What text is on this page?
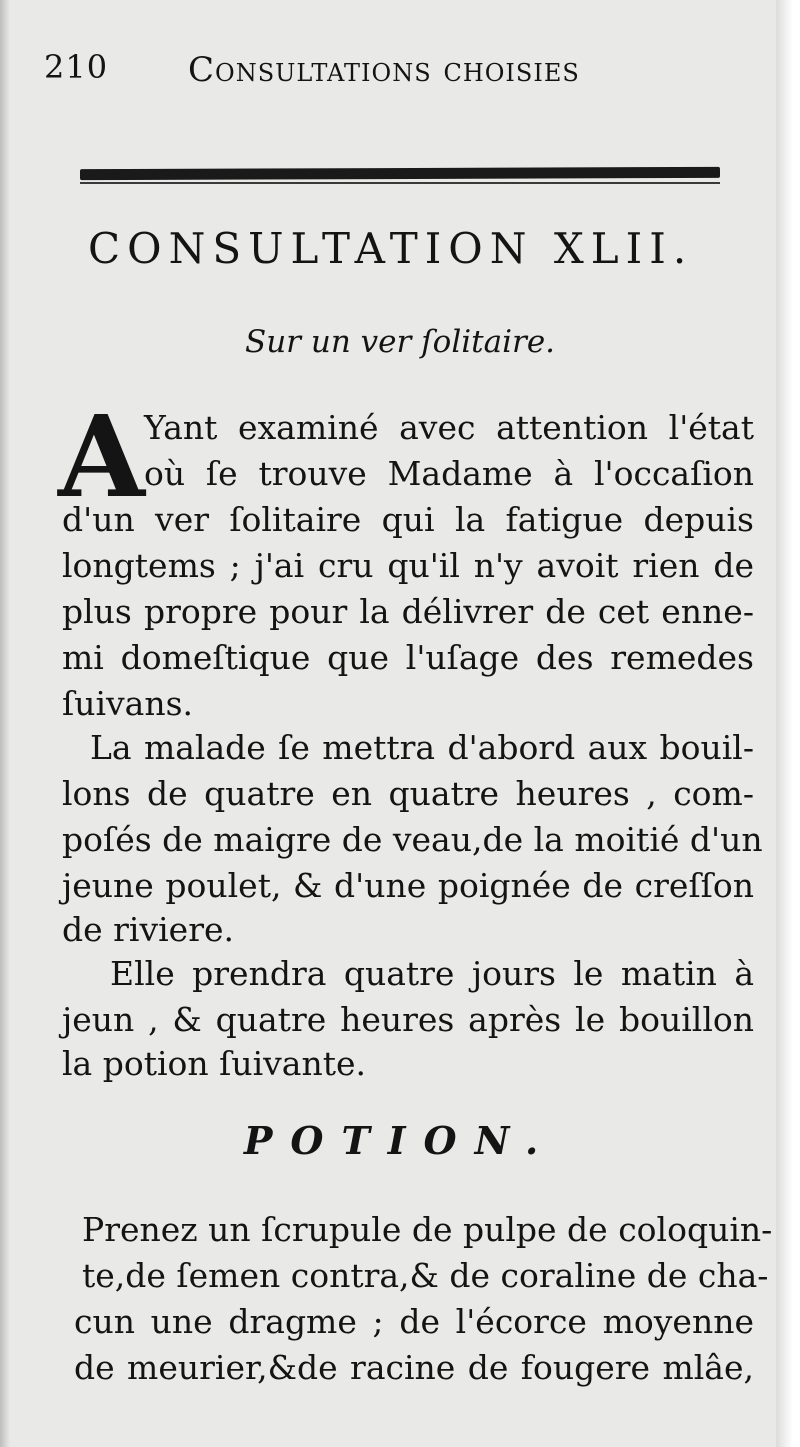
210 Consultations choisies
CONSULTATION XLII.
Sur un ver ſolitaire.
A Yant examiné avec attention l'état
où ſe trouve Madame à l'occaſion
d'un ver ſolitaire qui la fatigue depuis
longtems ; j'ai cru qu'il n'y avoit rien de
plus propre pour la délivrer de cet enne-
mi domeſtique que l'uſage des remedes
ſuivans.
La malade ſe mettra d'abord aux bouil-
lons de quatre en quatre heures , com-
poſés de maigre de veau,de la moitié d'un
jeune poulet, & d'une poignée de creſſon
de riviere.
Elle prendra quatre jours le matin à
jeun , & quatre heures après le bouillon
la potion ſuivante.
POTION.
Prenez un ſcrupule de pulpe de coloquin-
te,de ſemen contra,& de coraline de cha-
cun une dragme ; de l'écorce moyenne
de meurier,&de racine de fougere mlâe,
